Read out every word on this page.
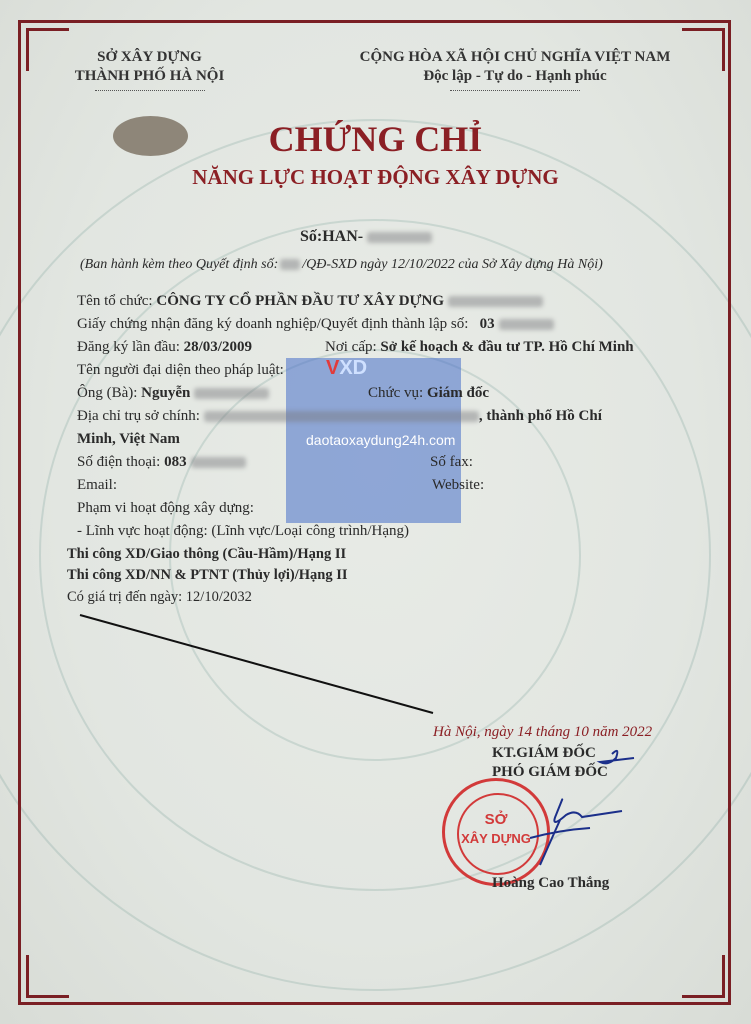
SỞ XÂY DỰNG
THÀNH PHỐ HÀ NỘI
CỘNG HÒA XÃ HỘI CHỦ NGHĨA VIỆT NAM
Độc lập - Tự do - Hạnh phúc
CHỨNG CHỈ
NĂNG LỰC HOẠT ĐỘNG XÂY DỰNG
Số:HAN-
(Ban hành kèm theo Quyết định số: /QĐ-SXD ngày 12/10/2022 của Sở Xây dựng Hà Nội)
VXD
daotaoxaydung24h.com
Tên tổ chức: CÔNG TY CỔ PHẦN ĐẦU TƯ XÂY DỰNG
Giấy chứng nhận đăng ký doanh nghiệp/Quyết định thành lập số: 03
Đăng ký lần đầu: 28/03/2009	Nơi cấp: Sở kế hoạch & đầu tư TP. Hồ Chí Minh
Tên người đại diện theo pháp luật:
Ông (Bà): Nguyễn	Chức vụ: Giám đốc
Địa chỉ trụ sở chính:	, thành phố Hồ Chí
Minh, Việt Nam
Số điện thoại: 083	Số fax:
Email:	Website:
Phạm vi hoạt động xây dựng:
- Lĩnh vực hoạt động: (Lĩnh vực/Loại công trình/Hạng)
Thi công XD/Giao thông (Cầu-Hầm)/Hạng II
Thi công XD/NN & PTNT (Thủy lợi)/Hạng II
Có giá trị đến ngày: 12/10/2032
Hà Nội, ngày 14 tháng 10 năm 2022
KT.GIÁM ĐỐC
PHÓ GIÁM ĐỐC
SỞ
XÂY DỰNG
Hoàng Cao Thắng
